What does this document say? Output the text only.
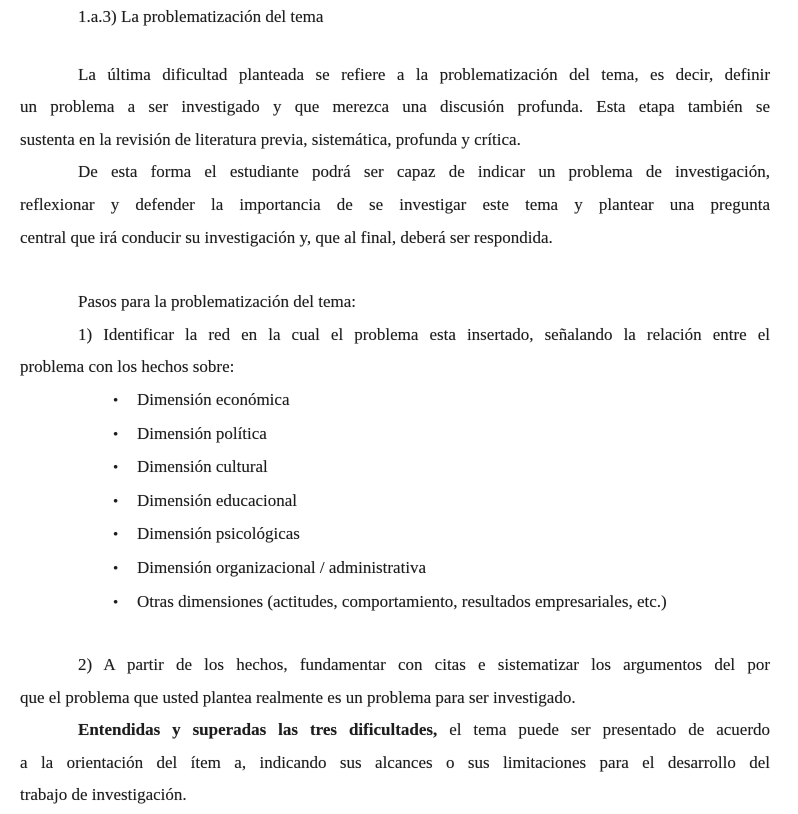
1.a.3) La problematización del tema
La última dificultad planteada se refiere a la problematización del tema, es decir, definir
un problema a ser investigado y que merezca una discusión profunda. Esta etapa también se
sustenta en la revisión de literatura previa, sistemática, profunda y crítica.
De esta forma el estudiante podrá ser capaz de indicar un problema de investigación,
reflexionar y defender la importancia de se investigar este tema y plantear una pregunta
central que irá conducir su investigación y, que al final, deberá ser respondida.
Pasos para la problematización del tema:
1) Identificar la red en la cual el problema esta insertado, señalando la relación entre el
problema con los hechos sobre:
•	Dimensión económica
•	Dimensión política
•	Dimensión cultural
•	Dimensión educacional
•	Dimensión psicológicas
•	Dimensión organizacional / administrativa
•	Otras dimensiones (actitudes, comportamiento, resultados empresariales, etc.)
2) A partir de los hechos, fundamentar con citas e sistematizar los argumentos del por
que el problema que usted plantea realmente es un problema para ser investigado.
Entendidas y superadas las tres dificultades, el tema puede ser presentado de acuerdo
a la orientación del ítem a, indicando sus alcances o sus limitaciones para el desarrollo del
trabajo de investigación.
